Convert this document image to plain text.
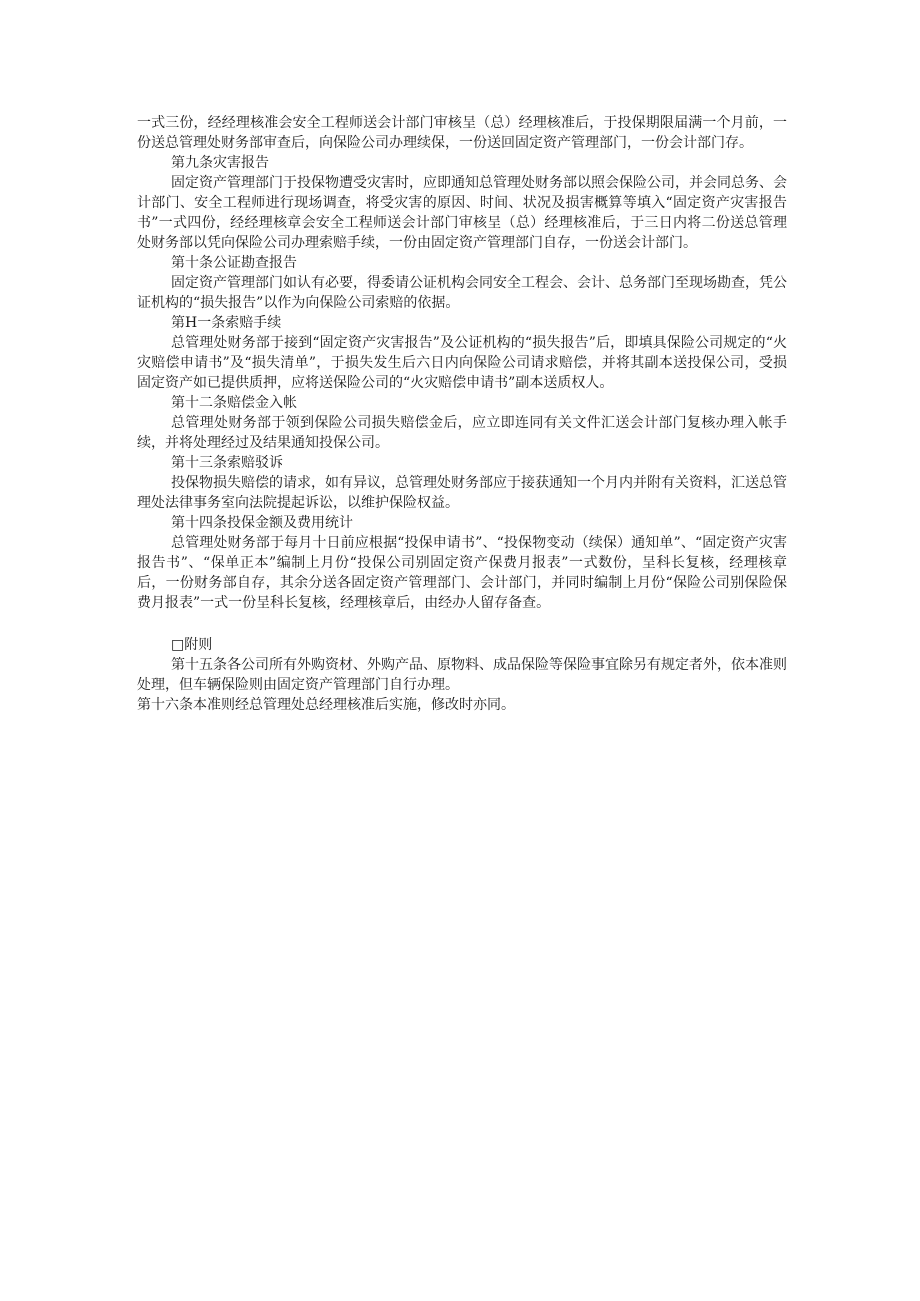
一式三份，经经理核准会安全工程师送会计部门审核呈（总）经理核准后，于投保期限届满一个月前，一份送总管理处财务部审查后，向保险公司办理续保，一份送回固定资产管理部门，一份会计部门存。

第九条灾害报告

固定资产管理部门于投保物遭受灾害时，应即通知总管理处财务部以照会保险公司，并会同总务、会计部门、安全工程师进行现场调查，将受灾害的原因、时间、状况及损害概算等填入“固定资产灾害报告书”一式四份，经经理核章会安全工程师送会计部门审核呈（总）经理核准后，于三日内将二份送总管理处财务部以凭向保险公司办理索赔手续，一份由固定资产管理部门自存，一份送会计部门。

第十条公证勘查报告

固定资产管理部门如认有必要，得委请公证机构会同安全工程会、会计、总务部门至现场勘查，凭公证机构的“损失报告”以作为向保险公司索赔的依据。

第H一条索赔手续

总管理处财务部于接到“固定资产灾害报告”及公证机构的“损失报告”后，即填具保险公司规定的“火灾赔偿申请书”及“损失清单”，于损失发生后六日内向保险公司请求赔偿，并将其副本送投保公司，受损固定资产如已提供质押，应将送保险公司的“火灾赔偿申请书”副本送质权人。

第十二条赔偿金入帐

总管理处财务部于领到保险公司损失赔偿金后，应立即连同有关文件汇送会计部门复核办理入帐手续，并将处理经过及结果通知投保公司。

第十三条索赔驳诉

投保物损失赔偿的请求，如有异议，总管理处财务部应于接获通知一个月内并附有关资料，汇送总管理处法律事务室向法院提起诉讼，以维护保险权益。

第十四条投保金额及费用统计

总管理处财务部于每月十日前应根据“投保申请书”、“投保物变动（续保）通知单”、“固定资产灾害报告书”、“保单正本”编制上月份“投保公司别固定资产保费月报表”一式数份，呈科长复核，经理核章后，一份财务部自存，其余分送各固定资产管理部门、会计部门，并同时编制上月份“保险公司别保险保费月报表”一式一份呈科长复核，经理核章后，由经办人留存备查。

□附则

第十五条各公司所有外购资材、外购产品、原物料、成品保险等保险事宜除另有规定者外，依本准则处理，但车辆保险则由固定资产管理部门自行办理。

第十六条本准则经总管理处总经理核准后实施，修改时亦同。
